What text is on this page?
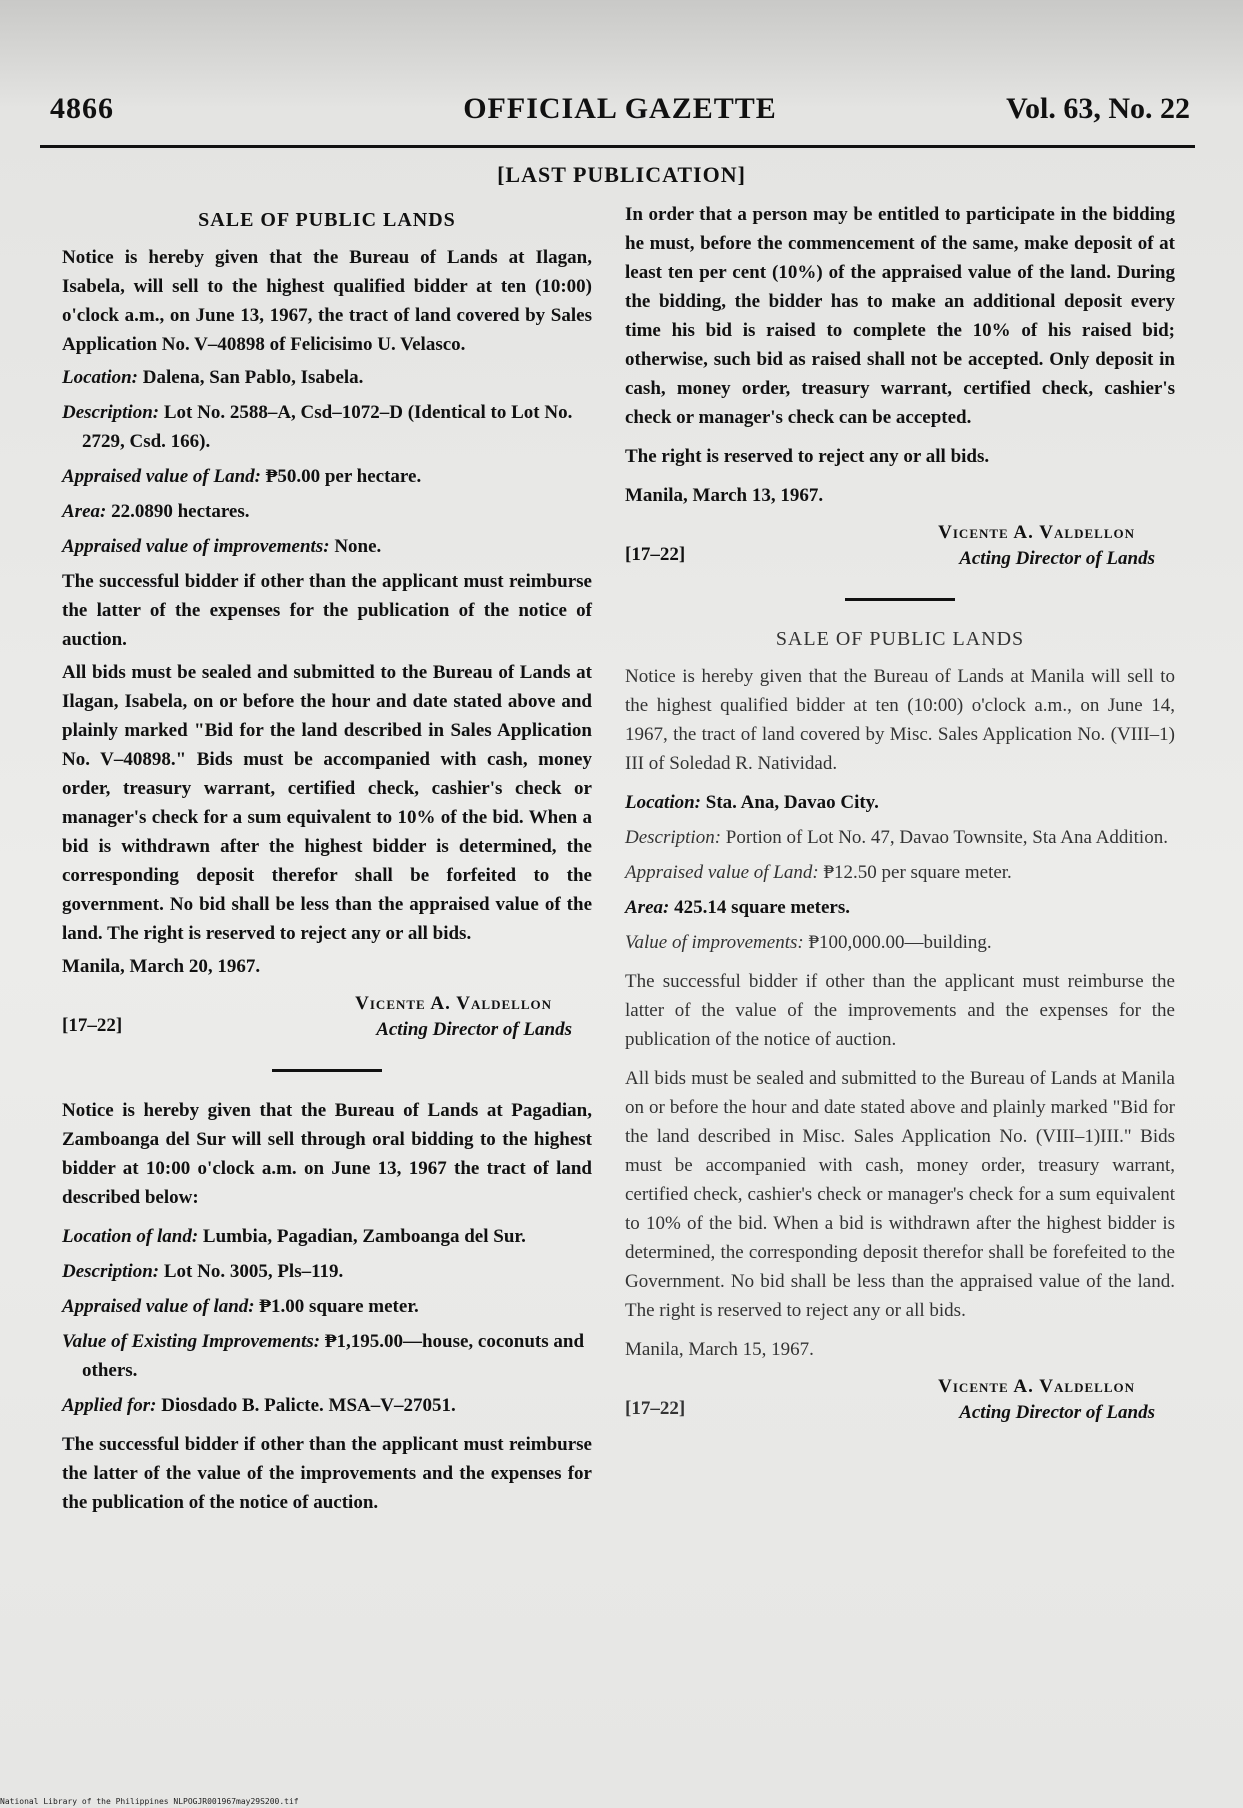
4866	OFFICIAL GAZETTE	Vol. 63, No. 22
[LAST PUBLICATION]
SALE OF PUBLIC LANDS

Notice is hereby given that the Bureau of Lands at Ilagan, Isabela, will sell to the highest qualified bidder at ten (10:00) o'clock a.m., on June 13, 1967, the tract of land covered by Sales Application No. V–40898 of Felicisimo U. Velasco.

Location: Dalena, San Pablo, Isabela.
Description: Lot No. 2588–A, Csd–1072–D (Identical to Lot No. 2729, Csd. 166).
Appraised value of Land: ₱50.00 per hectare.
Area: 22.0890 hectares.
Appraised value of improvements: None.

The successful bidder if other than the applicant must reimburse the latter of the expenses for the publication of the notice of auction.

All bids must be sealed and submitted to the Bureau of Lands at Ilagan, Isabela, on or before the hour and date stated above and plainly marked "Bid for the land described in Sales Application No. V–40898." Bids must be accompanied with cash, money order, treasury warrant, certified check, cashier's check or manager's check for a sum equivalent to 10% of the bid. When a bid is withdrawn after the highest bidder is determined, the corresponding deposit therefor shall be forfeited to the government. No bid shall be less than the appraised value of the land. The right is reserved to reject any or all bids.

Manila, March 20, 1967.

[17–22]
Vicente A. Valdellon
Acting Director of Lands

Notice is hereby given that the Bureau of Lands at Pagadian, Zamboanga del Sur will sell through oral bidding to the highest bidder at 10:00 o'clock a.m. on June 13, 1967 the tract of land described below:

Location of land: Lumbia, Pagadian, Zamboanga del Sur.
Description: Lot No. 3005, Pls–119.
Appraised value of land: ₱1.00 square meter.
Value of Existing Improvements: ₱1,195.00—house, coconuts and others.
Applied for: Diosdado B. Palicte. MSA–V–27051.

The successful bidder if other than the applicant must reimburse the latter of the value of the improvements and the expenses for the publication of the notice of auction.

In order that a person may be entitled to participate in the bidding he must, before the commencement of the same, make deposit of at least ten per cent (10%) of the appraised value of the land. During the bidding, the bidder has to make an additional deposit every time his bid is raised to complete the 10% of his raised bid; otherwise, such bid as raised shall not be accepted. Only deposit in cash, money order, treasury warrant, certified check, cashier's check or manager's check can be accepted.

The right is reserved to reject any or all bids.

Manila, March 13, 1967.

[17–22]
Vicente A. Valdellon
Acting Director of Lands
SALE OF PUBLIC LANDS

Notice is hereby given that the Bureau of Lands at Manila will sell to the highest qualified bidder at ten (10:00) o'clock a.m., on June 14, 1967, the tract of land covered by Misc. Sales Application No. (VIII–1) III of Soledad R. Natividad.

Location: Sta. Ana, Davao City.
Description: Portion of Lot No. 47, Davao Townsite, Sta Ana Addition.
Appraised value of Land: ₱12.50 per square meter.
Area: 425.14 square meters.
Value of improvements: ₱100,000.00—building.

The successful bidder if other than the applicant must reimburse the latter of the value of the improvements and the expenses for the publication of the notice of auction.

All bids must be sealed and submitted to the Bureau of Lands at Manila on or before the hour and date stated above and plainly marked "Bid for the land described in Misc. Sales Application No. (VIII–1)III." Bids must be accompanied with cash, money order, treasury warrant, certified check, cashier's check or manager's check for a sum equivalent to 10% of the bid. When a bid is withdrawn after the highest bidder is determined, the corresponding deposit therefor shall be forefeited to the Government. No bid shall be less than the appraised value of the land. The right is reserved to reject any or all bids.

Manila, March 15, 1967.

[17–22]
Vicente A. Valdellon
Acting Director of Lands
National Library of the Philippines NLPOGJR001967may29S200.tif
